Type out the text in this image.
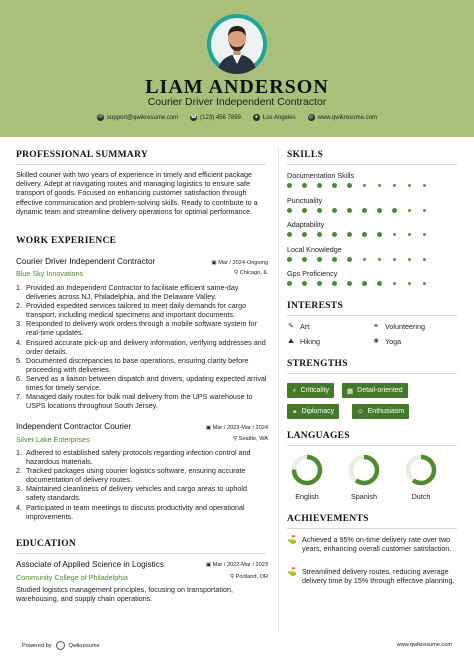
LIAM ANDERSON
Courier Driver Independent Contractor
✉ support@qwikresume.com ☎ (123) 456 7899	● Los Angeles	◎ www.qwikresume.com
PROFESSIONAL SUMMARY
Skilled courier with two years of experience in timely and efficient package delivery. Adept at navigating routes and managing logistics to ensure safe transport of goods. Focused on enhancing customer satisfaction through effective communication and problem-solving skills. Ready to contribute to a dynamic team and streamline delivery operations for optimal performance.
WORK EXPERIENCE
Courier Driver Independent Contractor	▣ Mar / 2024-Ongoing
Blue Sky Innovations	⚲ Chicago, IL
1. Provided an Independent Contractor to facilitate efficient same-day deliveries across NJ, Philadelphia, and the Delaware Valley.
2. Provided expedited services tailored to meet daily demands for cargo transport, including medical specimens and important documents.
3. Responded to delivery work orders through a mobile software system for real-time updates.
4. Ensured accurate pick-up and delivery information, verifying addresses and order details.
5. Documented discrepancies to base operations, ensuring clarity before proceeding with deliveries.
6. Served as a liaison between dispatch and drivers, updating expected arrival times for timely service.
7. Managed daily routes for bulk mail delivery from the UPS warehouse to USPS locations throughout South Jersey.
Independent Contractor Courier	▣ Mar / 2023-Mar / 2024
Silver Lake Enterprises	⚲ Seattle, WA
1. Adhered to established safety protocols regarding infection control and hazardous materials.
2. Tracked packages using courier logistics software, ensuring accurate documentation of delivery routes.
3. Maintained cleanliness of delivery vehicles and cargo areas to uphold safety standards.
4. Participated in team meetings to discuss productivity and operational improvements.
EDUCATION
Associate of Applied Science in Logistics	▣ Mar / 2022-Mar / 2023
Community College of Philadelphia	⚲ Portland, OR
Studied logistics management principles, focusing on transportation, warehousing, and supply chain operations.
SKILLS
Documentation Skills
Punctuality
Adaptability
Local Knowledge
Gps Proficiency
INTERESTS
✎ Art	⚭ Volunteering
⛰ Hiking	❀ Yoga
STRENGTHS
⚡ Criticality	▦ Detail-oriented
⚭ Diplomacy	☺ Enthusiasm
LANGUAGES
English	Spanish	Dutch
ACHIEVEMENTS
⛳ Achieved a 95% on-time delivery rate over two years, enhancing overall customer satisfaction.
⛳ Streamlined delivery routes, reducing average delivery time by 15% through effective planning.
Powered by	Qwikresume	www.qwikresume.com
